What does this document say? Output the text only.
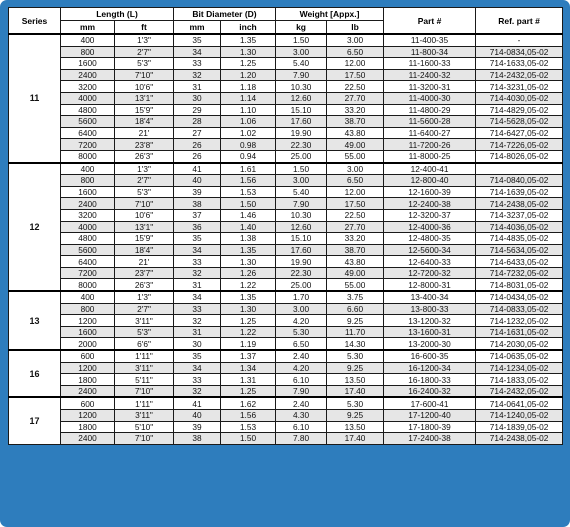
Series	Length (L)		Bit Diameter (D)		Weight [Appx.]		Part #	Ref. part #
	mm	ft	mm	inch	kg	lb		
11	400	1'3"	35	1.35	1.50	3.00	11-400-35	-
	800	2'7"	34	1.30	3.00	6.50	11-800-34	714-0834,05-02
	1600	5'3"	33	1.25	5.40	12.00	11-1600-33	714-1633,05-02
	2400	7'10"	32	1.20	7.90	17.50	11-2400-32	714-2432,05-02
	3200	10'6"	31	1.18	10.30	22.50	11-3200-31	714-3231,05-02
	4000	13'1"	30	1.14	12.60	27.70	11-4000-30	714-4030,05-02
	4800	15'9"	29	1.10	15.10	33.20	11-4800-29	714-4829,05-02
	5600	18'4"	28	1.06	17.60	38.70	11-5600-28	714-5628,05-02
	6400	21'	27	1.02	19.90	43.80	11-6400-27	714-6427,05-02
	7200	23'8"	26	0.98	22.30	49.00	11-7200-26	714-7226,05-02
	8000	26'3"	26	0.94	25.00	55.00	11-8000-25	714-8026,05-02
12	400	1'3"	41	1.61	1.50	3.00	12-400-41	
	800	2'7"	40	1.56	3.00	6.50	12-800-40	714-0840,05-02
	1600	5'3"	39	1.53	5.40	12.00	12-1600-39	714-1639,05-02
	2400	7'10"	38	1.50	7.90	17.50	12-2400-38	714-2438,05-02
	3200	10'6"	37	1.46	10.30	22.50	12-3200-37	714-3237,05-02
	4000	13'1"	36	1.40	12.60	27.70	12-4000-36	714-4036,05-02
	4800	15'9"	35	1.38	15.10	33.20	12-4800-35	714-4835,05-02
	5600	18'4"	34	1.35	17.60	38.70	12-5600-34	714-5634,05-02
	6400	21'	33	1.30	19.90	43.80	12-6400-33	714-6433,05-02
	7200	23'7"	32	1.26	22.30	49.00	12-7200-32	714-7232,05-02
	8000	26'3"	31	1.22	25.00	55.00	12-8000-31	714-8031,05-02
13	400	1'3"	34	1.35	1.70	3.75	13-400-34	714-0434,05-02
	800	2'7"	33	1.30	3.00	6.60	13-800-33	714-0833,05-02
	1200	3'11"	32	1.25	4.20	9.25	13-1200-32	714-1232,05-02
	1600	5'3"	31	1.22	5.30	11.70	13-1600-31	714-1631,05-02
	2000	6'6"	30	1.19	6.50	14.30	13-2000-30	714-2030,05-02
16	600	1'11"	35	1.37	2.40	5.30	16-600-35	714-0635,05-02
	1200	3'11"	34	1.34	4.20	9.25	16-1200-34	714-1234,05-02
	1800	5'11"	33	1.31	6.10	13.50	16-1800-33	714-1833,05-02
	2400	7'10"	32	1.25	7.90	17.40	16-2400-32	714-2432,05-02
17	600	1'11"	41	1.62	2.40	5.30	17-600-41	714-0641,05-02
	1200	3'11"	40	1.56	4.30	9.25	17-1200-40	714-1240,05-02
	1800	5'10"	39	1.53	6.10	13.50	17-1800-39	714-1839,05-02
	2400	7'10"	38	1.50	7.80	17.40	17-2400-38	714-2438,05-02
